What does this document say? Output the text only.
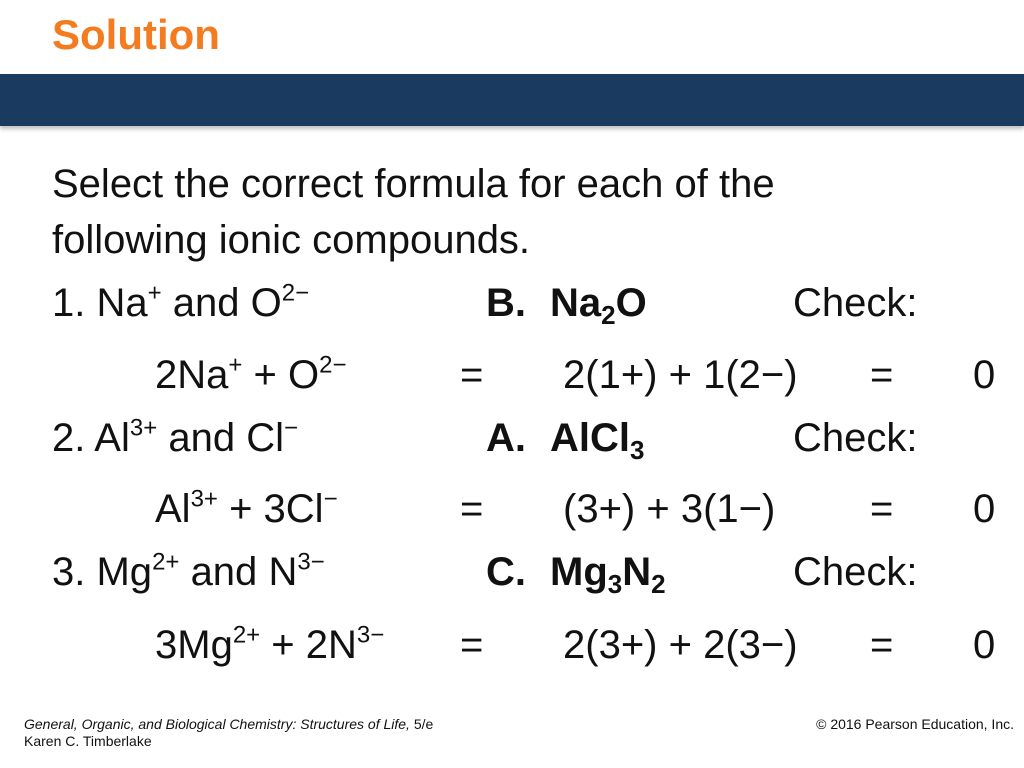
Solution
Select the correct formula for each of the
following ionic compounds.
1. Na+ and $O^{2-}$	B. $Na_2O$	Check:
$2Na^+ + O^{2-}$	= 2(1+) + 1(2−) = 0
2. $Al^{3+}$ and Cl−	A. AlCl$_3$	Check:
$Al^{3+} + 3Cl^-$	= (3+) + 3(1−) = 0
3. $Mg^{2+}$ and $N^{3-}$	C. $Mg_3N_2$	Check:
$3Mg^{2+} + 2N^{3-} = 2(3+) + 2(3-) = 0$
General, Organic, and Biological Chemistry: Structures of Life, 5/e
Karen C. Timberlake
© 2016 Pearson Education, Inc.
